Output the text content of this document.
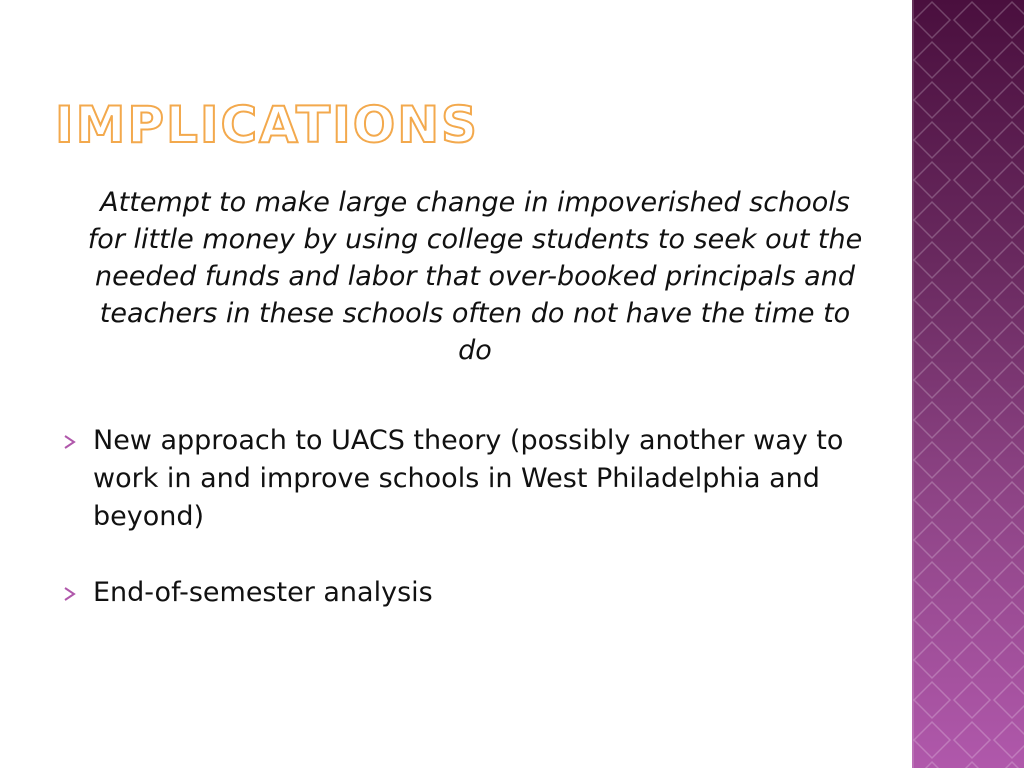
IMPLICATIONS

Attempt to make large change in impoverished schools for little money by using college students to seek out the needed funds and labor that over-booked principals and teachers in these schools often do not have the time to do

New approach to UACS theory (possibly another way to work in and improve schools in West Philadelphia and beyond)
End-of-semester analysis
